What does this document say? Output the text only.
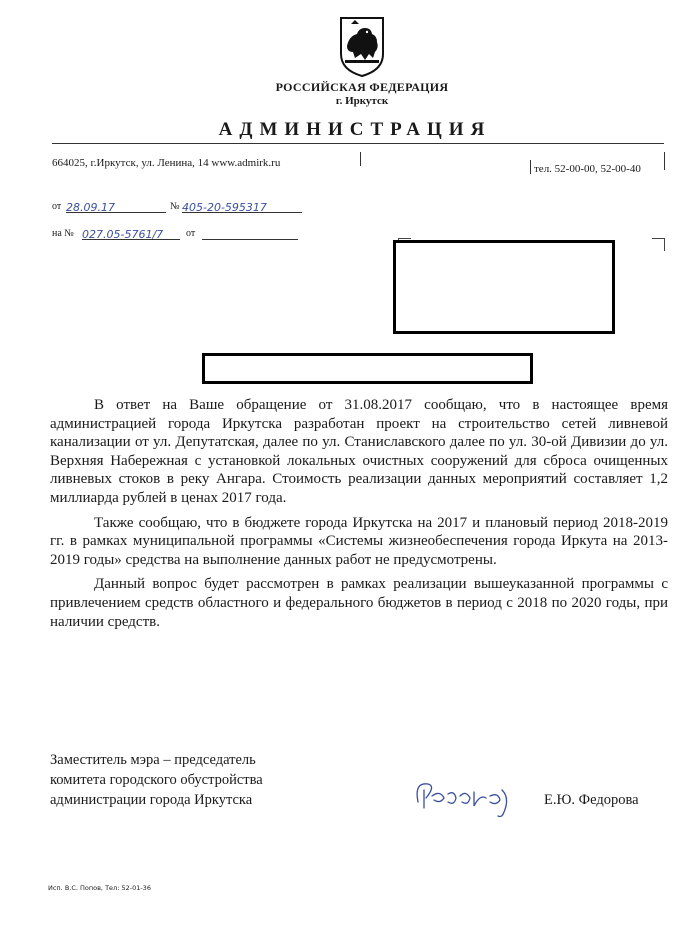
РОССИЙСКАЯ ФЕДЕРАЦИЯ
г. Иркутск
АДМИНИСТРАЦИЯ
664025, г.Иркутск, ул. Ленина, 14 www.admirk.ru	тел. 52-00-00, 52-00-40
от 28.09.17	№ 405-20-595317
на № 027.05-5761/7	от

В ответ на Ваше обращение от 31.08.2017 сообщаю, что в настоящее время администрацией города Иркутска разработан проект на строительство сетей ливневой канализации от ул. Депутатская, далее по ул. Станиславского далее по ул. 30-ой Дивизии до ул. Верхняя Набережная с установкой локальных очистных сооружений для сброса очищенных ливневых стоков в реку Ангара. Стоимость реализации данных мероприятий составляет 1,2 миллиарда рублей в ценах 2017 года.

Также сообщаю, что в бюджете города Иркутска на 2017 и плановый период 2018-2019 гг. в рамках муниципальной программы «Системы жизнеобеспечения города Иркута на 2013-2019 годы» средства на выполнение данных работ не предусмотрены.

Данный вопрос будет рассмотрен в рамках реализации вышеуказанной программы с привлечением средств областного и федерального бюджетов в период с 2018 по 2020 годы, при наличии средств.

Заместитель мэра – председатель
комитета городского обустройства
администрации города Иркутска	Е.Ю. Федорова
Исп. В.С. Попов, Тел: 52-01-36
